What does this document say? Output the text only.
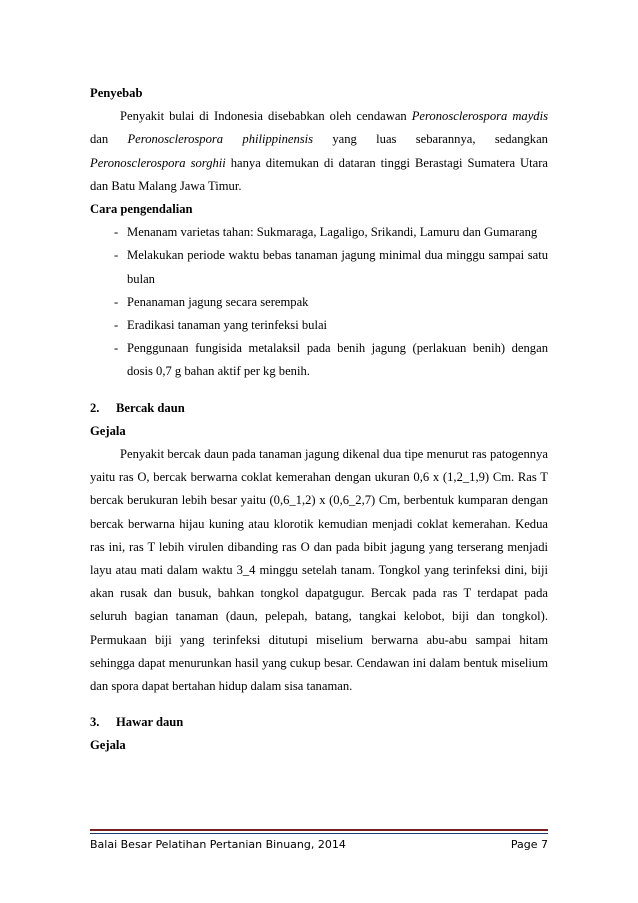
Penyebab

Penyakit bulai di Indonesia disebabkan oleh cendawan Peronosclerospora maydis dan Peronosclerospora philippinensis yang luas sebarannya, sedangkan Peronosclerospora sorghii hanya ditemukan di dataran tinggi Berastagi Sumatera Utara dan Batu Malang Jawa Timur.

Cara pengendalian

- Menanam varietas tahan: Sukmaraga, Lagaligo, Srikandi, Lamuru dan Gumarang
- Melakukan periode waktu bebas tanaman jagung minimal dua minggu sampai satu bulan
- Penanaman jagung secara serempak
- Eradikasi tanaman yang terinfeksi bulai
- Penggunaan fungisida metalaksil pada benih jagung (perlakuan benih) dengan dosis 0,7 g bahan aktif per kg benih.

2. Bercak daun

Gejala

Penyakit bercak daun pada tanaman jagung dikenal dua tipe menurut ras patogennya yaitu ras O, bercak berwarna coklat kemerahan dengan ukuran 0,6 x (1,2_1,9) Cm. Ras T bercak berukuran lebih besar yaitu (0,6_1,2) x (0,6_2,7) Cm, berbentuk kumparan dengan bercak berwarna hijau kuning atau klorotik kemudian menjadi coklat kemerahan. Kedua ras ini, ras T lebih virulen dibanding ras O dan pada bibit jagung yang terserang menjadi layu atau mati dalam waktu 3_4 minggu setelah tanam. Tongkol yang terinfeksi dini, biji akan rusak dan busuk, bahkan tongkol dapatgugur. Bercak pada ras T terdapat pada seluruh bagian tanaman (daun, pelepah, batang, tangkai kelobot, biji dan tongkol). Permukaan biji yang terinfeksi ditutupi miselium berwarna abu-abu sampai hitam sehingga dapat menurunkan hasil yang cukup besar. Cendawan ini dalam bentuk miselium dan spora dapat bertahan hidup dalam sisa tanaman.

3. Hawar daun

Gejala

Balai Besar Pelatihan Pertanian Binuang, 2014	Page 7
